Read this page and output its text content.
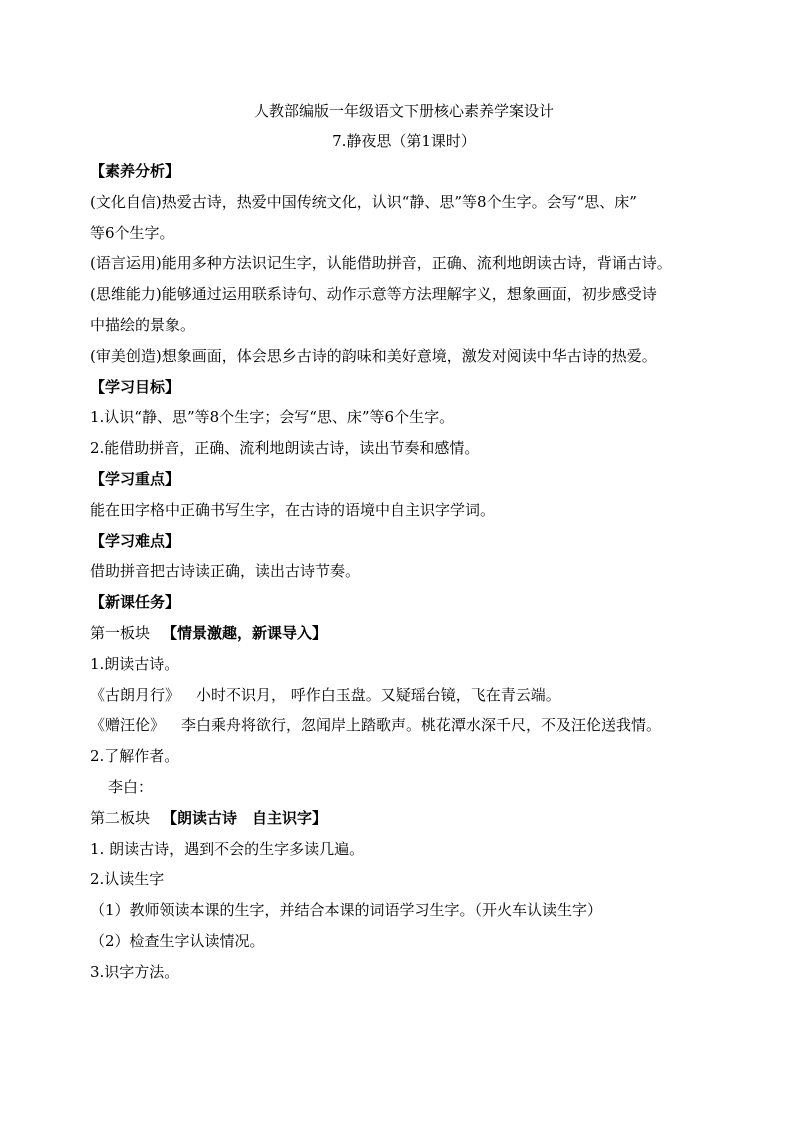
人教部编版一年级语文下册核心素养学案设计
7.静夜思（第1课时）
【素养分析】
(文化自信)热爱古诗，热爱中国传统文化，认识“静、思”等8个生字。会写“思、床”
等6个生字。
(语言运用)能用多种方法识记生字，认能借助拼音，正确、流利地朗读古诗，背诵古诗。
(思维能力)能够通过运用联系诗句、动作示意等方法理解字义，想象画面，初步感受诗
中描绘的景象。
(审美创造)想象画面，体会思乡古诗的韵味和美好意境，激发对阅读中华古诗的热爱。
【学习目标】
1.认识“静、思”等8个生字；会写“思、床”等6个生字。
2.能借助拼音，正确、流利地朗读古诗，读出节奏和感情。
【学习重点】
能在田字格中正确书写生字，在古诗的语境中自主识字学词。
【学习难点】
借助拼音把古诗读正确，读出古诗节奏。
【新课任务】
第一板块 【情景激趣，新课导入】
1.朗读古诗。
《古朗月行》 小时不识月， 呼作白玉盘。又疑瑶台镜，飞在青云端。
《赠汪伦》 李白乘舟将欲行，忽闻岸上踏歌声。桃花潭水深千尺，不及汪伦送我情。
2.了解作者。
李白：
第二板块 【朗读古诗　自主识字】
1. 朗读古诗，遇到不会的生字多读几遍。
2.认读生字
（1）教师领读本课的生字，并结合本课的词语学习生字。（开火车认读生字）
（2）检查生字认读情况。
3.识字方法。
